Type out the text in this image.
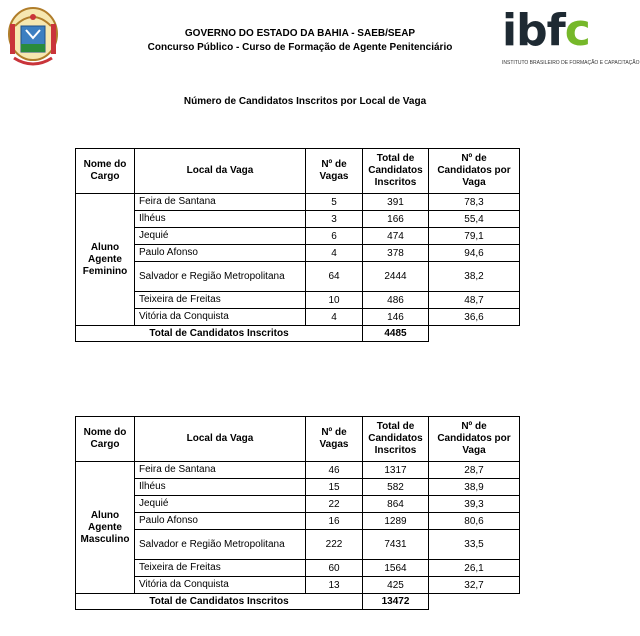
GOVERNO DO ESTADO DA BAHIA - SAEB/SEAP
Concurso Público - Curso de Formação de Agente Penitenciário	ibfc
INSTITUTO BRASILEIRO DE FORMAÇÃO E CAPACITAÇÃO
Número de Candidatos Inscritos por Local de Vaga
Nome do Cargo	Local da Vaga	Nº de Vagas	Total de Candidatos Inscritos	Nº de Candidatos por Vaga
Aluno Agente Feminino	Feira de Santana	5	391	78,3
	Ilhéus	3	166	55,4
	Jequié	6	474	79,1
	Paulo Afonso	4	378	94,6
	Salvador e Região Metropolitana	64	2444	38,2
	Teixeira de Freitas	10	486	48,7
	Vitória da Conquista	4	146	36,6
Total de Candidatos Inscritos			4485	
Nome do Cargo	Local da Vaga	Nº de Vagas	Total de Candidatos Inscritos	Nº de Candidatos por Vaga
Aluno Agente Masculino	Feira de Santana	46	1317	28,7
	Ilhéus	15	582	38,9
	Jequié	22	864	39,3
	Paulo Afonso	16	1289	80,6
	Salvador e Região Metropolitana	222	7431	33,5
	Teixeira de Freitas	60	1564	26,1
	Vitória da Conquista	13	425	32,7
Total de Candidatos Inscritos			13472	
